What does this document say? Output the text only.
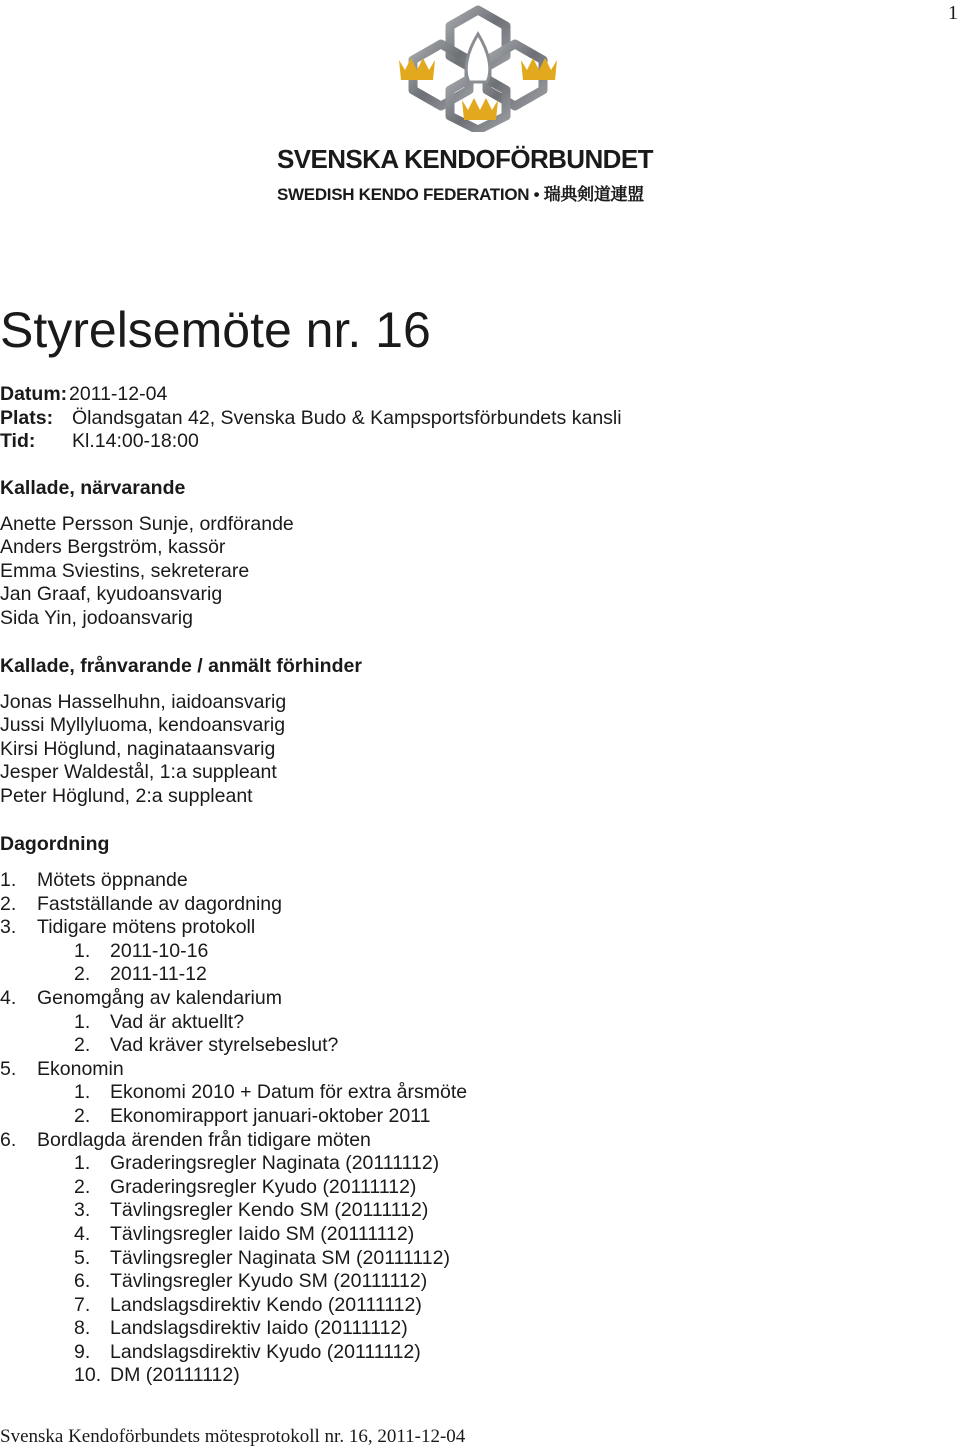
1
SVENSKA KENDOFÖRBUNDET
SWEDISH KENDO FEDERATION • 瑞典剣道連盟
Styrelsemöte nr. 16
Datum:2011-12-04
Plats: Ölandsgatan 42, Svenska Budo & Kampsportsförbundets kansli
Tid: Kl.14:00-18:00
Kallade, närvarande
Anette Persson Sunje, ordförande
Anders Bergström, kassör
Emma Sviestins, sekreterare
Jan Graaf, kyudoansvarig
Sida Yin, jodoansvarig
Kallade, frånvarande / anmält förhinder
Jonas Hasselhuhn, iaidoansvarig
Jussi Myllyluoma, kendoansvarig
Kirsi Höglund, naginataansvarig
Jesper Waldestål, 1:a suppleant
Peter Höglund, 2:a suppleant
Dagordning
1. Mötets öppnande
2. Fastställande av dagordning
3. Tidigare mötens protokoll
1. 2011-10-16
2. 2011-11-12
4. Genomgång av kalendarium
1. Vad är aktuellt?
2. Vad kräver styrelsebeslut?
5. Ekonomin
1. Ekonomi 2010 + Datum för extra årsmöte
2. Ekonomirapport januari-oktober 2011
6. Bordlagda ärenden från tidigare möten
1. Graderingsregler Naginata (20111112)
2. Graderingsregler Kyudo (20111112)
3. Tävlingsregler Kendo SM (20111112)
4. Tävlingsregler Iaido SM (20111112)
5. Tävlingsregler Naginata SM (20111112)
6. Tävlingsregler Kyudo SM (20111112)
7. Landslagsdirektiv Kendo (20111112)
8. Landslagsdirektiv Iaido (20111112)
9. Landslagsdirektiv Kyudo (20111112)
10. DM (20111112)
Svenska Kendoförbundets mötesprotokoll nr. 16, 2011-12-04
